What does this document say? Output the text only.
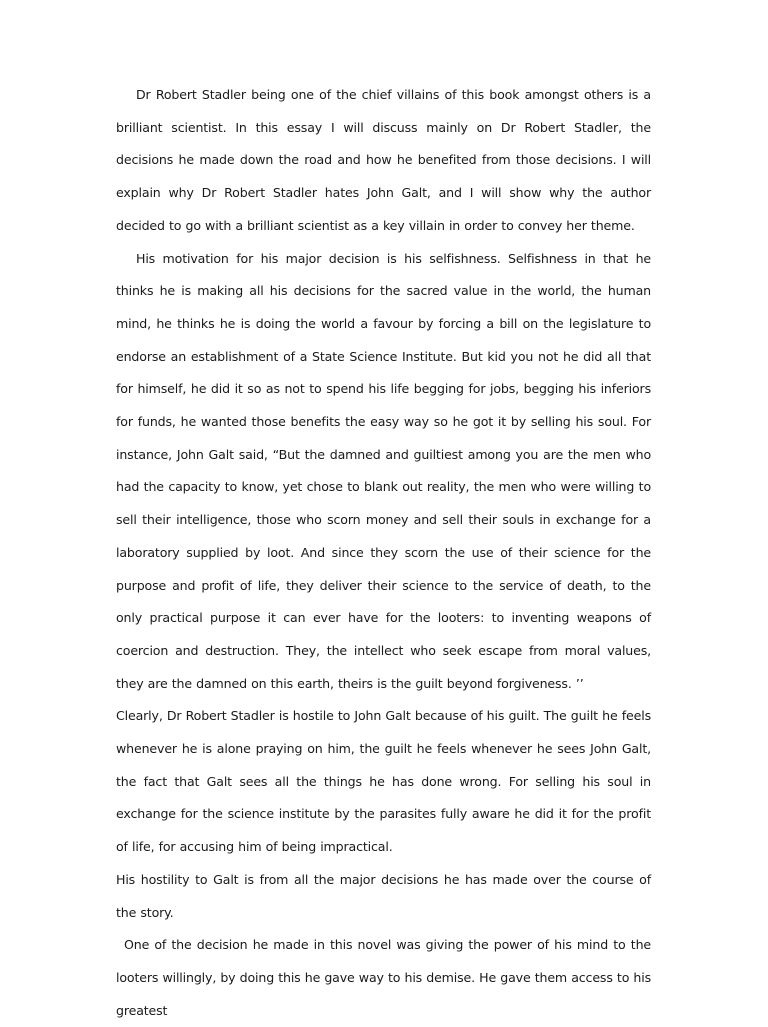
Dr Robert Stadler being one of the chief villains of this book amongst others is a brilliant scientist. In this essay I will discuss mainly on Dr Robert Stadler, the decisions he made down the road and how he benefited from those decisions. I will explain why Dr Robert Stadler hates John Galt, and I will show why the author decided to go with a brilliant scientist as a key villain in order to convey her theme.

His motivation for his major decision is his selfishness. Selfishness in that he thinks he is making all his decisions for the sacred value in the world, the human mind, he thinks he is doing the world a favour by forcing a bill on the legislature to endorse an establishment of a State Science Institute. But kid you not he did all that for himself, he did it so as not to spend his life begging for jobs, begging his inferiors for funds, he wanted those benefits the easy way so he got it by selling his soul. For instance, John Galt said, “But the damned and guiltiest among you are the men who had the capacity to know, yet chose to blank out reality, the men who were willing to sell their intelligence, those who scorn money and sell their souls in exchange for a laboratory supplied by loot. And since they scorn the use of their science for the purpose and profit of life, they deliver their science to the service of death, to the only practical purpose it can ever have for the looters: to inventing weapons of coercion and destruction. They, the intellect who seek escape from moral values, they are the damned on this earth, theirs is the guilt beyond forgiveness. ’’

Clearly, Dr Robert Stadler is hostile to John Galt because of his guilt. The guilt he feels whenever he is alone praying on him, the guilt he feels whenever he sees John Galt, the fact that Galt sees all the things he has done wrong. For selling his soul in exchange for the science institute by the parasites fully aware he did it for the profit of life, for accusing him of being impractical.

His hostility to Galt is from all the major decisions he has made over the course of the story.

One of the decision he made in this novel was giving the power of his mind to the looters willingly, by doing this he gave way to his demise. He gave them access to his greatest
